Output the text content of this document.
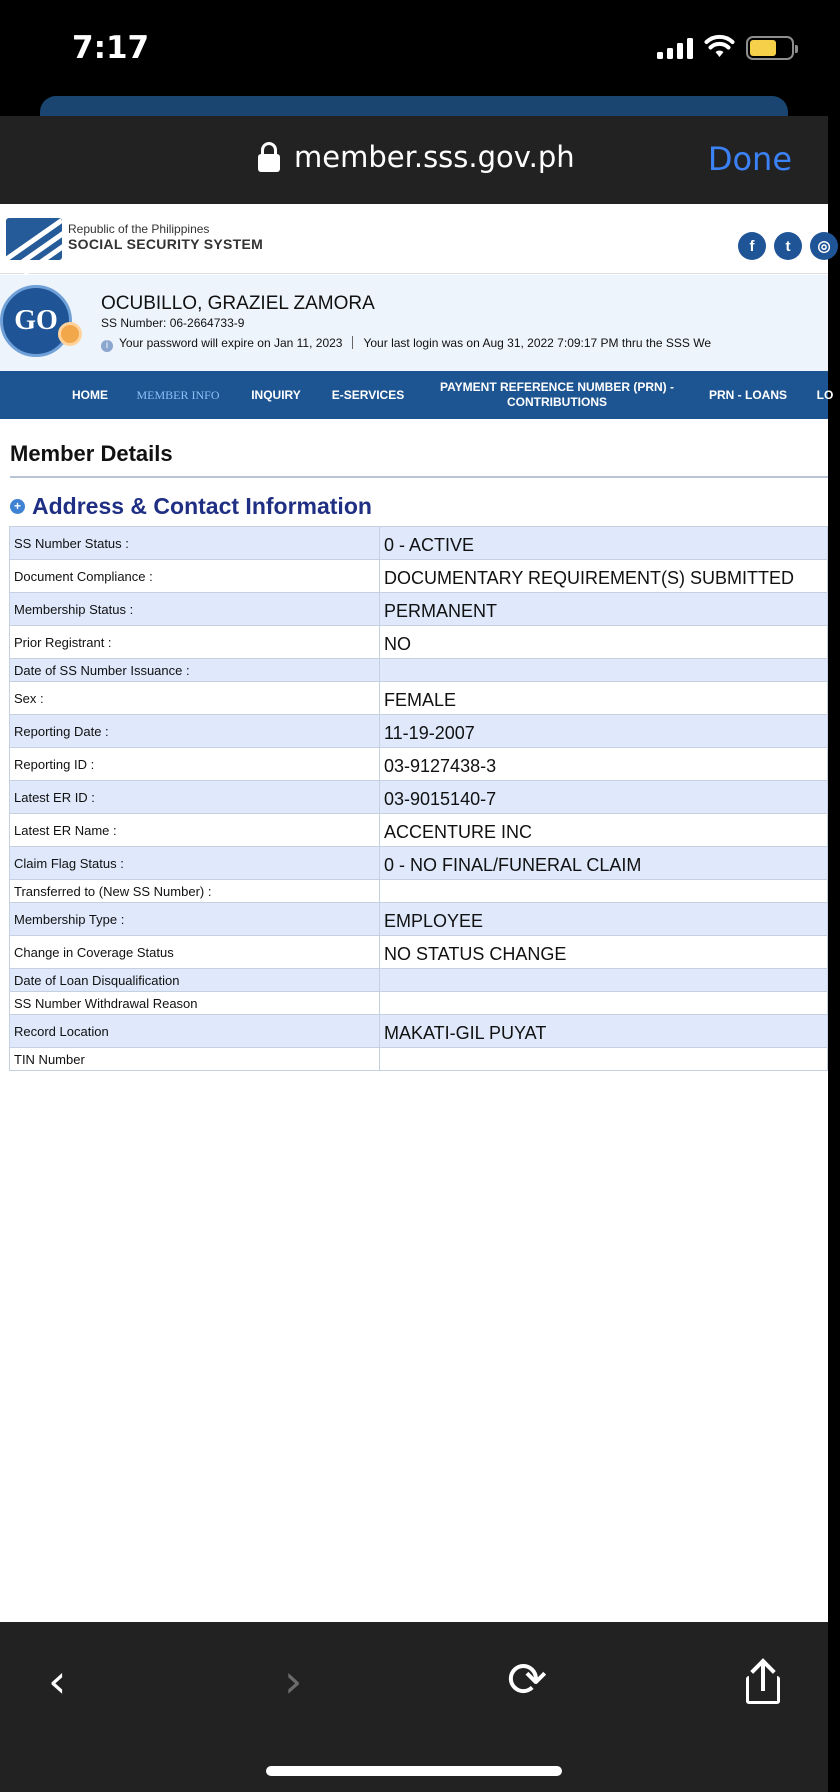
7:17
member.sss.gov.ph	Done
Republic of the Philippines
SOCIAL SECURITY SYSTEM	f	t	◎
GO
OCUBILLO, GRAZIEL ZAMORA
SS Number: 06-2664733-9
i Your password will expire on Jan 11, 2023 Your last login was on Aug 31, 2022 7:09:17 PM thru the SSS We
HOME	MEMBER INFO	INQUIRY	E-SERVICES
PAYMENT REFERENCE NUMBER (PRN) - CONTRIBUTIONS
PRN - LOANS	LO
Member Details
+ Address & Contact Information
SS Number Status :	0 - ACTIVE
Document Compliance :	DOCUMENTARY REQUIREMENT(S) SUBMITTED
Membership Status :	PERMANENT
Prior Registrant :	NO
Date of SS Number Issuance :	
Sex :	FEMALE
Reporting Date :	11-19-2007
Reporting ID :	03-9127438-3
Latest ER ID :	03-9015140-7
Latest ER Name :	ACCENTURE INC
Claim Flag Status :	0 - NO FINAL/FUNERAL CLAIM
Transferred to (New SS Number) :	
Membership Type :	EMPLOYEE
Change in Coverage Status	NO STATUS CHANGE
Date of Loan Disqualification	
SS Number Withdrawal Reason	
Record Location	MAKATI-GIL PUYAT
TIN Number	
‹	›	⟳
